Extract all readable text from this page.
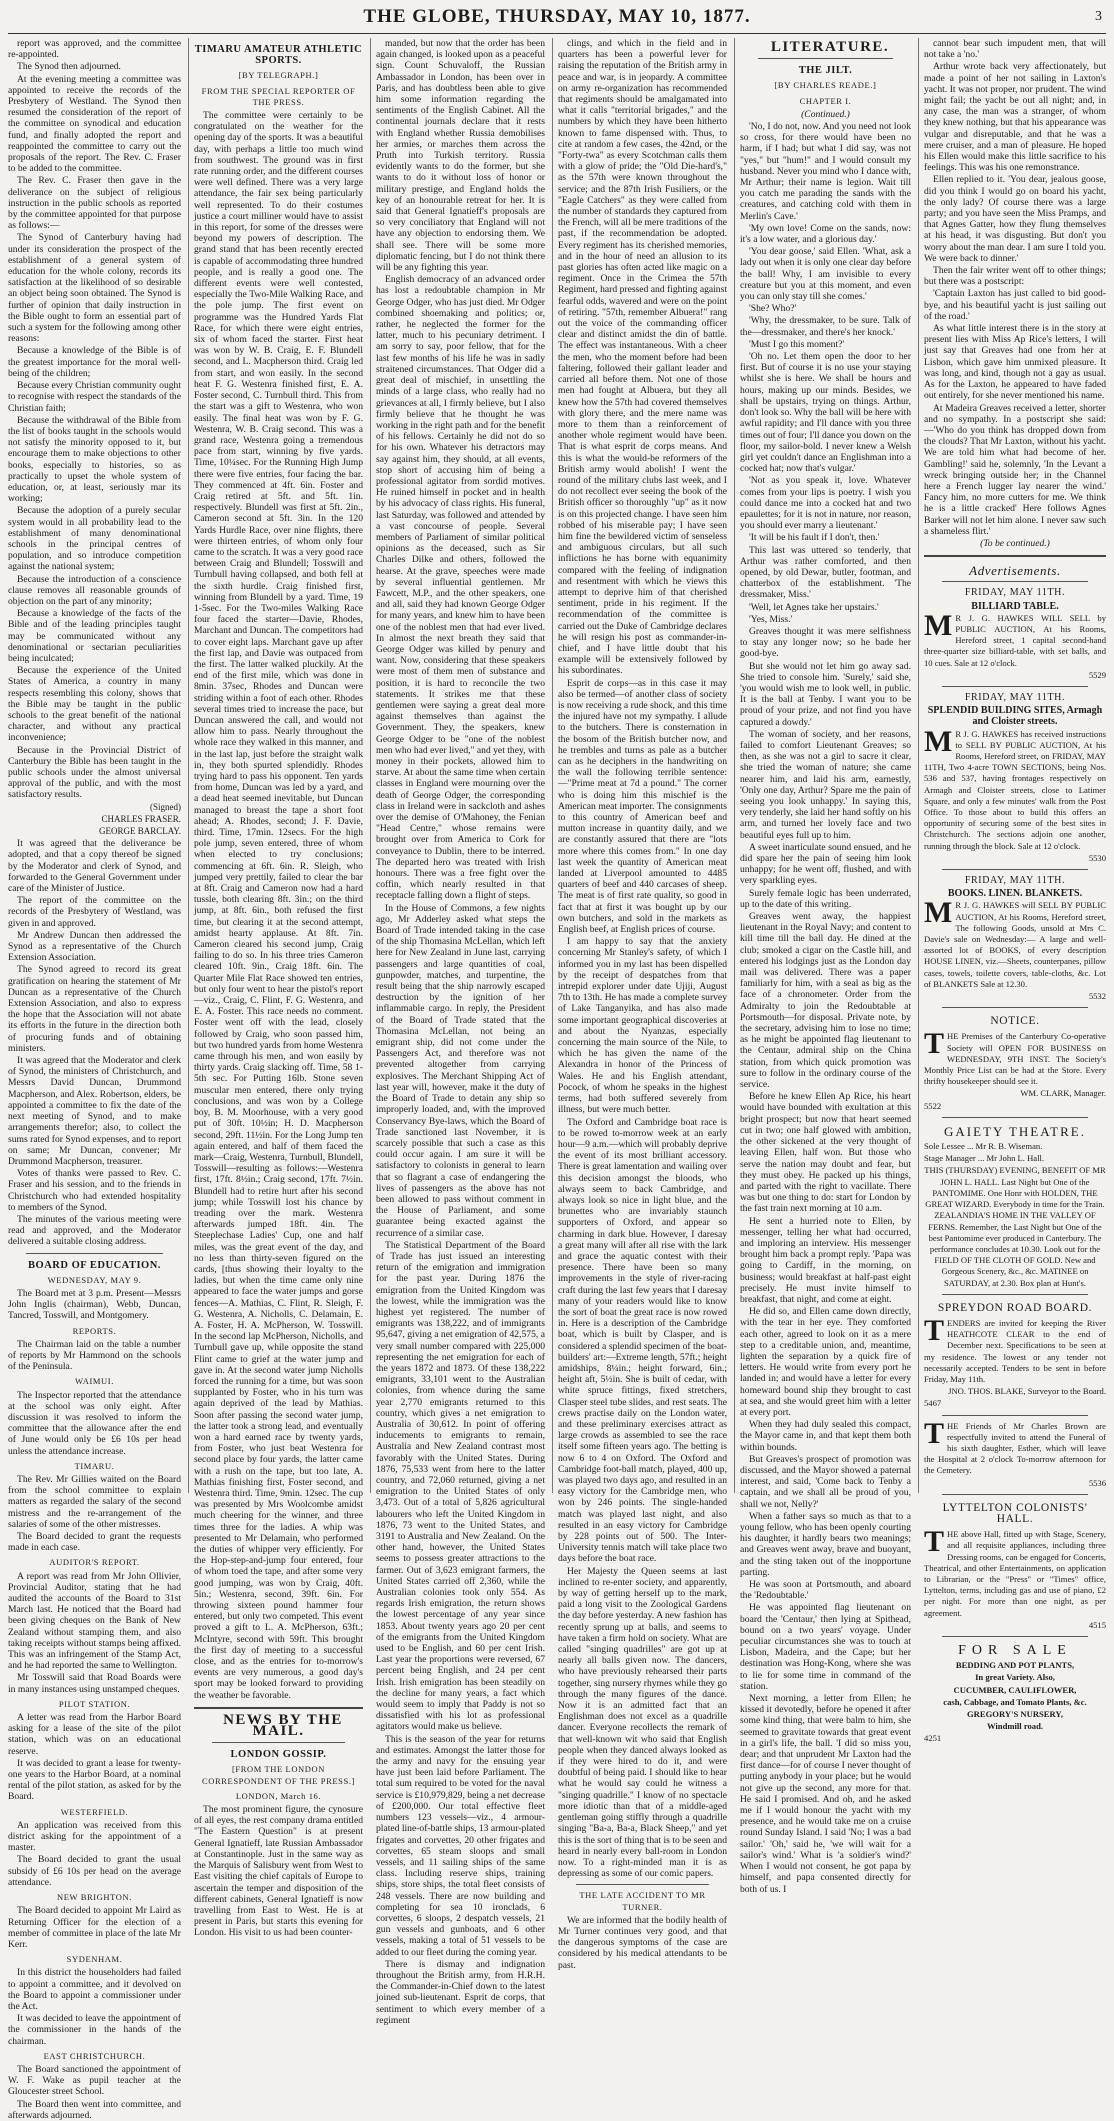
THE GLOBE, THURSDAY, MAY 10, 1877.	3

report was approved, and the committee re-appointed.

The Synod then adjourned.

At the evening meeting a committee was appointed to receive the records of the Presbytery of Westland. The Synod then resumed the consideration of the report of the committee on synodical and education fund, and finally adopted the report and reappointed the committee to carry out the proposals of the report. The Rev. C. Fraser to be added to the committee.

The Rev. C. Fraser then gave in the deliverance on the subject of religious instruction in the public schools as reported by the committee appointed for that purpose as follows:—

The Synod of Canterbury having had under its consideration the prospect of the establishment of a general system of education for the whole colony, records its satisfaction at the likelihood of so desirable an object being soon obtained. The Synod is further of opinion that daily instruction in the Bible ought to form an essential part of such a system for the following among other reasons:

Because a knowledge of the Bible is of the greatest importance for the moral well-being of the children;

Because every Christian community ought to recognise with respect the standards of the Christian faith;

Because the withdrawal of the Bible from the list of books taught in the schools would not satisfy the minority opposed to it, but encourage them to make objections to other books, especially to histories, so as practically to upset the whole system of education, or, at least, seriously mar its working;

Because the adoption of a purely secular system would in all probability lead to the establishment of many denominational schools in the principal centres of population, and so introduce competition against the national system;

Because the introduction of a conscience clause removes all reasonable grounds of objection on the part of any minority;

Because a knowledge of the facts of the Bible and of the leading principles taught may be communicated without any denominational or sectarian peculiarities being inculcated;

Because the experience of the United States of America, a country in many respects resembling this colony, shows that the Bible may be taught in the public schools to the great benefit of the national character, and without any practical inconvenience;

Because in the Provincial District of Canterbury the Bible has been taught in the public schools under the almost universal approval of the public, and with the most satisfactory results.

(Signed)

CHARLES FRASER.

GEORGE BARCLAY.

It was agreed that the deliverance be adopted, and that a copy thereof be signed by the Moderator and clerk of Synod, and forwarded to the General Government under care of the Minister of Justice.

The report of the committee on the records of the Presbytery of Westland, was given in and approved.

Mr Andrew Duncan then addressed the Synod as a representative of the Church Extension Association.

The Synod agreed to record its great gratification on hearing the statement of Mr Duncan as a representative of the Church Extension Association, and also to express the hope that the Association will not abate its efforts in the future in the direction both of procuring funds and of obtaining ministers.

It was agreed that the Moderator and clerk of Synod, the ministers of Christchurch, and Messrs David Duncan, Drummond Macpherson, and Alex. Robertson, elders, be appointed a committee to fix the date of the next meeting of Synod, and to make arrangements therefor; also, to collect the sums rated for Synod expenses, and to report on same; Mr Duncan, convener; Mr Drummond Macpherson, treasurer.

Votes of thanks were passed to Rev. C. Fraser and his session, and to the friends in Christchurch who had extended hospitality to members of the Synod.

The minutes of the various meeting were read and approved, and the Moderator delivered a suitable closing address.

BOARD OF EDUCATION.

WEDNESDAY, MAY 9.

The Board met at 3 p.m. Present—Messrs John Inglis (chairman), Webb, Duncan, Tancred, Tosswill, and Montgomery.

REPORTS.

The Chairman laid on the table a number of reports by Mr Hammond on the schools of the Peninsula.

WAIMUI.

The Inspector reported that the attendance at the school was only eight. After discussion it was resolved to inform the committee that the allowance after the end of June would only be £6 10s per head unless the attendance increase.

TIMARU.

The Rev. Mr Gillies waited on the Board from the school committee to explain matters as regarded the salary of the second mistress and the re-arrangement of the salaries of some of the other mistresses.

The Board decided to grant the requests made in each case.

AUDITOR'S REPORT.

A report was read from Mr John Ollivier, Provincial Auditor, stating that he had audited the accounts of the Board to 31st March last. He noticed that the Board had been giving cheques on the Bank of New Zealand without stamping them, and also taking receipts without stamps being affixed. This was an infringement of the Stamp Act, and he had reported the same to Wellington.

Mr Tosswill said that Road Boards were in many instances using unstamped cheques.

PILOT STATION.

A letter was read from the Harbor Board asking for a lease of the site of the pilot station, which was on an educational reserve.

It was decided to grant a lease for twenty-one years to the Harbor Board, at a nominal rental of the pilot station, as asked for by the Board.

WESTERFIELD.

An application was received from this district asking for the appointment of a master.

The Board decided to grant the usual subsidy of £6 10s per head on the average attendance.

NEW BRIGHTON.

The Board decided to appoint Mr Laird as Returning Officer for the election of a member of committee in place of the late Mr Kerr.

SYDENHAM.

In this district the householders had failed to appoint a committee, and it devolved on the Board to appoint a commissioner under the Act.

It was decided to leave the appointment of the commissioner in the hands of the chairman.

EAST CHRISTCHURCH.

The Board sanctioned the appointment of W. F. Wake as pupil teacher at the Gloucester street School.

The Board then went into committee, and afterwards adjourned.

TIMARU AMATEUR ATHLETIC SPORTS.

[BY TELEGRAPH.]

FROM THE SPECIAL REPORTER OF THE PRESS.

The committee were certainly to be congratulated on the weather for the opening day of the sports. It was a beautiful day, with perhaps a little too much wind from southwest. The ground was in first rate running order, and the different courses were well defined. There was a very large attendance, the fair sex being particularly well represented. To do their costumes justice a court milliner would have to assist in this report, for some of the dresses were beyond my powers of description. The grand stand that has been recently erected is capable of accommodating three hundred people, and is really a good one. The different events were well contested, especially the Two-Mile Walking Race, and the pole jump. The first event on programme was the Hundred Yards Flat Race, for which there were eight entries, six of whom faced the starter. First heat was won by W. B. Craig, E. F. Blundell second, and L. Macpherson third. Craig led from start, and won easily. In the second heat F. G. Westenra finished first, E. A. Foster second, C. Turnbull third. This from the start was a gift to Westenra, who won easily. The final heat was won by F. G. Westenra, W. B. Craig second. This was a grand race, Westenra going a tremendous pace from start, winning by five yards. Time, 10¼sec. For the Running High Jump there were five entries, four facing the bar. They commenced at 4ft. 6in. Foster and Craig retired at 5ft. and 5ft. 1in. respectively. Blundell was first at 5ft. 2in., Cameron second at 5ft. 3in. In the 120 Yards Hurdle Race, over nine flights, there were thirteen entries, of whom only four came to the scratch. It was a very good race between Craig and Blundell; Tosswill and Turnbull having collapsed, and both fell at the sixth hurdle. Craig finished first, winning from Blundell by a yard. Time, 19 1-5sec. For the Two-miles Walking Race four faced the starter—Davie, Rhodes, Marchant and Duncan. The competitors had to cover eight laps. Marchant gave up after the first lap, and Davie was outpaced from the first. The latter walked pluckily. At the end of the first mile, which was done in 8min. 37sec, Rhodes and Duncan were striding within a foot of each other. Rhodes several times tried to increase the pace, but Duncan answered the call, and would not allow him to pass. Nearly throughout the whole race they walked in this manner, and in the last lap, just before the straight walk in, they both spurted splendidly. Rhodes trying hard to pass his opponent. Ten yards from home, Duncan was led by a yard, and a dead heat seemed inevitable, but Duncan managed to breast the tape a short foot ahead; A. Rhodes, second; J. F. Davie, third. Time, 17min. 12secs. For the high pole jump, seven entered, three of whom when elected to try conclusions; commencing at 6ft. 6in. R. Sleigh, who jumped very prettily, failed to clear the bar at 8ft. Craig and Cameron now had a hard tussle, both clearing 8ft. 3in.; on the third jump, at 8ft. 6in., both refused the first time, but clearing it at the second attempt, amidst hearty applause. At 8ft. 7in. Cameron cleared his second jump, Craig failing to do so. In his three tries Cameron cleared 10ft. 9in., Craig 18ft. 6in. The Quarter Mile Flat Race showed ten entries, but only four went to hear the pistol's report—viz., Craig, C. Flint, F. G. Westenra, and E. A. Foster. This race needs no comment. Foster went off with the lead, closely followed by Craig, who soon passed him, but two hundred yards from home Westenra came through his men, and won easily by thirty yards. Craig slacking off. Time, 58 1-5th sec. For Putting 16lb. Stone seven muscular men entered, there only trying conclusions, and was won by a College boy, B. M. Moorhouse, with a very good put of 30ft. 10½in; H. D. Macpherson second, 29ft. 11½in. For the Long Jump ten again entered, and half of them faced the mark—Craig, Westenra, Turnbull, Blundell, Tosswill—resulting as follows:—Westenra first, 17ft. 8½in.; Craig second, 17ft. 7½in. Blundell had to retire hurt after his second jump; while Tosswill lost his chance by treading over the mark. Westenra afterwards jumped 18ft. 4in. The Steeplechase Ladies' Cup, one and half miles, was the great event of the day, and no less than thirty-seven figured on the cards, [thus showing their loyalty to the ladies, but when the time came only nine appeared to face the water jumps and gorse fences—A. Mathias, C. Flint, R. Sleigh, F. G. Westenra, A. Nicholls, C. Delamain, E. A. Foster, H. A. McPherson, W. Tosswill. In the second lap McPherson, Nicholls, and Turnbull gave up, while opposite the stand Flint came to grief at the water jump and gave in. At the second water jump Nicholls forced the running for a time, but was soon supplanted by Foster, who in his turn was again deprived of the lead by Mathias. Soon after passing the second water jump, the latter took a strong lead, and eventually won a hard earned race by twenty yards, from Foster, who just beat Westenra for second place by four yards, the latter came with a rush on the tape, but too late, A. Mathias finishing first, Foster second, and Westenra third. Time, 9min. 12sec. The cup was presented by Mrs Woolcombe amidst much cheering for the winner, and three times three for the ladies. A whip was presented to Mr Delamain, who performed the duties of whipper very efficiently. For the Hop-step-and-jump four entered, four of whom toed the tape, and after some very good jumping, was won by Craig, 40ft. 5in.; Westenra, second, 39ft. 6in. For throwing sixteen pound hammer four entered, but only two competed. This event proved a gift to L. A. McPherson, 63ft.; McIntyre, second with 59ft. This brought the first day of meeting to a successful close, and as the entries for to-morrow's events are very numerous, a good day's sport may be looked forward to providing the weather be favorable.

NEWS BY THE MAIL.

LONDON GOSSIP.

[FROM THE LONDON CORRESPONDENT OF THE PRESS.]

LONDON, March 16.

The most prominent figure, the cynosure of all eyes, the rest company drama entitled "The Eastern Question" is at present General Ignatieff, late Russian Ambassador at Constantinople. Just in the same way as the Marquis of Salisbury went from West to East visiting the chief capitals of Europe to ascertain the temper and disposition of the different cabinets, General Ignatieff is now travelling from East to West. He is at present in Paris, but starts this evening for London. His visit to us had been counter-

manded, but now that the order has been again changed, is looked upon as a peaceful sign. Count Schuvaloff, the Russian Ambassador in London, has been over in Paris, and has doubtless been able to give him some information regarding the sentiments of the English Cabinet. All the continental journals declare that it rests with England whether Russia demobilises her armies, or marches them across the Pruth into Turkish territory. Russia evidently wants to do the former, but she wants to do it without loss of honor or military prestige, and England holds the key of an honourable retreat for her. It is said that General Ignatieff's proposals are so very conciliatory that England will not have any objection to endorsing them. We shall see. There will be some more diplomatic fencing, but I do not think there will be any fighting this year.

English democracy of an advanced order has lost a redoubtable champion in Mr George Odger, who has just died. Mr Odger combined shoemaking and politics; or, rather, he neglected the former for the latter, much to his pecuniary detriment. I am sorry to say, poor fellow, that for the last few months of his life he was in sadly straitened circumstances. That Odger did a great deal of mischief, in unsettling the minds of a large class, who really had no grievances at all, I firmly believe, but I also firmly believe that he thought he was working in the right path and for the benefit of his fellows. Certainly he did not do so for his own. Whatever his detractors may say against him, they should, at all events, stop short of accusing him of being a professional agitator from sordid motives. He ruined himself in pocket and in health by his advocacy of class rights. His funeral, last Saturday, was followed and attended by a vast concourse of people. Several members of Parliament of similar political opinions as the deceased, such as Sir Charles Dilke and others, followed the hearse. At the grave, speeches were made by several influential gentlemen. Mr Fawcett, M.P., and the other speakers, one and all, said they had known George Odger for many years, and knew him to have been one of the noblest men that had ever lived. In almost the next breath they said that George Odger was killed by penury and want. Now, considering that these speakers were most of them men of substance and position, it is hard to reconcile the two statements. It strikes me that these gentlemen were saying a great deal more against themselves than against the Government. They, the speakers, knew George Odger to be "one of the noblest men who had ever lived," and yet they, with money in their pockets, allowed him to starve. At about the same time when certain classes in England were mourning over the death of George Odger, the corresponding class in Ireland were in sackcloth and ashes over the demise of O'Mahoney, the Fenian "Head Centre," whose remains were brought over from America to Cork for conveyance to Dublin, there to be interred. The departed hero was treated with Irish honours. There was a free fight over the coffin, which nearly resulted in that receptacle falling down a flight of steps.

In the House of Commons, a few nights ago, Mr Adderley asked what steps the Board of Trade intended taking in the case of the ship Thomasina McLellan, which left here for New Zealand in June last, carrying passengers and large quantities of coal, gunpowder, matches, and turpentine, the result being that the ship narrowly escaped destruction by the ignition of her inflammable cargo. In reply, the President of the Board of Trade stated that the Thomasina McLellan, not being an emigrant ship, did not come under the Passengers Act, and therefore was not prevented altogether from carrying explosives. The Merchant Shipping Act of last year will, however, make it the duty of the Board of Trade to detain any ship so improperly loaded, and, with the improved Conservancy Bye-laws, which the Board of Trade sanctioned last November, it is scarcely possible that such a case as this could occur again. I am sure it will be satisfactory to colonists in general to learn that so flagrant a case of endangering the lives of passengers as the above has not been allowed to pass without comment in the House of Parliament, and some guarantee being exacted against the recurrence of a similar case.

The Statistical Department of the Board of Trade has just issued an interesting return of the emigration and immigration for the past year. During 1876 the emigration from the United Kingdom was the lowest, while the immigration was the highest yet registered. The number of emigrants was 138,222, and of immigrants 95,647, giving a net emigration of 42,575, a very small number compared with 225,000 representing the net emigration for each of the years 1872 and 1873. Of these 138,222 emigrants, 33,101 went to the Australian colonies, from whence during the same year 2,770 emigrants returned to this country, which gives a net emigration to Australia of 30,612. In point of offering inducements to emigrants to remain, Australia and New Zealand contrast most favorably with the United States. During 1876, 75,533 went from here to the latter country, and 72,060 returned, giving a net emigration to the United States of only 3,473. Out of a total of 5,826 agricultural labourers who left the United Kingdom in 1876, 73 went to the United States, and 3191 to Australia and New Zealand. On the other hand, however, the United States seems to possess greater attractions to the farmer. Out of 3,623 emigrant farmers, the United States carried off 2,360, while the Australian colonies took only 554. As regards Irish emigration, the return shows the lowest percentage of any year since 1853. About twenty years ago 20 per cent of the emigrants from the United Kingdom used to be English, and 60 per cent Irish. Last year the proportions were reversed, 67 percent being English, and 24 per cent Irish. Irish emigration has been steadily on the decline for many years, a fact which would seem to imply that Paddy is not so dissatisfied with his lot as professional agitators would make us believe.

This is the season of the year for returns and estimates. Amongst the latter those for the army and navy for the ensuing year have just been laid before Parliament. The total sum required to be voted for the naval service is £10,979,829, being a net decrease of £200,000. Our total effective fleet numbers 123 vessels—viz., 4 armour-plated line-of-battle ships, 13 armour-plated frigates and corvettes, 20 other frigates and corvettes, 65 steam sloops and small vessels, and 11 sailing ships of the same class. Including reserve ships, training ships, store ships, the total fleet consists of 248 vessels. There are now building and completing for sea 10 ironclads, 6 corvettes, 6 sloops, 2 despatch vessels, 21 gun vessels and gunboats, and 6 other vessels, making a total of 51 vessels to be added to our fleet during the coming year.

There is dismay and indignation throughout the British army, from H.R.H. the Commander-in-Chief down to the latest joined sub-lieutenant. Esprit de corps, that sentiment to which every member of a regiment

clings, and which in the field and in quarters has been a powerful lever for raising the reputation of the British army in peace and war, is in jeopardy. A committee on army re-organization has recommended that regiments should be amalgamated into what it calls "territorial brigades," and the numbers by which they have been hitherto known to fame dispensed with. Thus, to cite at random a few cases, the 42nd, or the "Forty-twa" as every Scotchman calls them with a glow of pride; the "Old Die-hard's," as the 57th were known throughout the service; and the 87th Irish Fusiliers, or the "Eagle Catchers" as they were called from the number of standards they captured from the French, will all be mere traditions of the past, if the recommendation be adopted. Every regiment has its cherished memories, and in the hour of need an allusion to its past glories has often acted like magic on a regiment. Once in the Crimea the 57th Regiment, hard pressed and fighting against fearful odds, wavered and were on the point of retiring. "57th, remember Albuera!" rang out the voice of the commanding officer clear and distinct amidst the din of battle. The effect was instantaneous. With a cheer the men, who the moment before had been faltering, followed their gallant leader and carried all before them. Not one of those men had fought at Albuera, but they all knew how the 57th had covered themselves with glory there, and the mere name was more to them than a reinforcement of another whole regiment would have been. That is what esprit de corps means. And this is what the would-be reformers of the British army would abolish! I went the round of the military clubs last week, and I do not recollect ever seeing the book of the British officer so thoroughly "up" as it now is on this projected change. I have seen him robbed of his miserable pay; I have seen him fine the bewildered victim of senseless and ambiguous circulars, but all such inflictions he has borne with equanimity compared with the feeling of indignation and resentment with which he views this attempt to deprive him of that cherished sentiment, pride in his regiment. If the recommendation of the committee is carried out the Duke of Cambridge declares he will resign his post as commander-in-chief, and I have little doubt that his example will be extensively followed by his subordinates.

Esprit de corps—as in this case it may also be termed—of another class of society is now receiving a rude shock, and this time the injured have not my sympathy. I allude to the butchers. There is consternation in the bosom of the British butcher now, and he trembles and turns as pale as a butcher can as he deciphers in the handwriting on the wall the following terrible sentence:—"Prime meat at 7d a pound." The corner who is doing him this mischief is the American meat importer. The consignments to this country of American beef and mutton increase in quantity daily, and we are constantly assured that there are "lots more where this comes from." In one day last week the quantity of American meat landed at Liverpool amounted to 4485 quarters of beef and 440 carcases of sheep. The meat is of first rate quality, so good in fact that at first it was bought up by our own butchers, and sold in the markets as English beef, at English prices of course.

I am happy to say that the anxiety concerning Mr Stanley's safety, of which I informed you in my last has been dispelled by the receipt of despatches from that intrepid explorer under date Ujiji, August 7th to 13th. He has made a complete survey of Lake Tanganyika, and has also made some important geographical discoveries at and about the Nyanzas, especially concerning the main source of the Nile, to which he has given the name of the Alexandra in honor of the Princess of Wales. He and his English attendant, Pocock, of whom he speaks in the highest terms, had both suffered severely from illness, but were much better.

The Oxford and Cambridge boat race is to be rowed to-morrow week at an early hour—9 a.m.—which will probably deprive the event of its most brilliant accessory. There is great lamentation and wailing over this decision amongst the bloods, who always seem to back Cambridge, and always look so nice in light blue, and the brunettes who are invariably staunch supporters of Oxford, and appear so charming in dark blue. However, I daresay a great many will after all rise with the lark and grace the aquatic contest with their presence. There have been so many improvements in the style of river-racing craft during the last few years that I daresay many of your readers would like to know the sort of boat the great race is now rowed in. Here is a description of the Cambridge boat, which is built by Clasper, and is considered a splendid specimen of the boat-builders' art:—Extreme length, 57ft.; height amidships, 8¼in.; height forward, 6in.; height aft, 5½in. She is built of cedar, with white spruce fittings, fixed stretchers, Clasper steel tube slides, and rest seats. The crews practise daily on the London water, and these preliminary exercises attract as large crowds as assembled to see the race itself some fifteen years ago. The betting is now 6 to 4 on Oxford. The Oxford and Cambridge foot-ball match, played, 400 up, was played two days ago, and resulted in an easy victory for the Cambridge men, who won by 246 points. The single-handed match was played last night, and also resulted in an easy victory for Cambridge by 228 points out of 500. The Inter-University tennis match will take place two days before the boat race.

Her Majesty the Queen seems at last inclined to re-enter society, and apparently, by way of getting herself up to the mark, paid a long visit to the Zoological Gardens the day before yesterday. A new fashion has recently sprung up at balls, and seems to have taken a firm hold on society. What are called "singing quadrilles" are got up at nearly all balls given now. The dancers, who have previously rehearsed their parts together, sing nursery rhymes while they go through the many figures of the dance. Now it is an admitted fact that an Englishman does not excel as a quadrille dancer. Everyone recollects the remark of that well-known wit who said that English people when they danced always looked as if they were hired to do it, and were doubtful of being paid. I should like to hear what he would say could he witness a "singing quadrille." I know of no spectacle more idiotic than that of a middle-aged gentleman going stiffly through a quadrille singing "Ba-a, Ba-a, Black Sheep," and yet this is the sort of thing that is to be seen and heard in nearly every ball-room in London now. To a right-minded man it is as depressing as some of our comic papers.

THE LATE ACCIDENT TO MR TURNER.

We are informed that the bodily health of Mr Turner continues very good, and that the dangerous symptoms of the case are considered by his medical attendants to be past.

LITERATURE.

THE JILT.

[BY CHARLES READE.]

CHAPTER I.

(Continued.)

'No, I do not, now. And you need not look so cross, for there would have been no harm, if I had; but what I did say, was not "yes," but "hum!" and I would consult my husband. Never you mind who I dance with, Mr Arthur; their name is legion. Wait till you catch me parading the sands with the creatures, and catching cold with them in Merlin's Cave.'

'My own love! Come on the sands, now: it's a low water, and a glorious day.'

'You dear goose,' said Ellen. 'What, ask a lady out when it is only one clear day before the ball! Why, I am invisible to every creature but you at this moment, and even you can only stay till she comes.'

'She? Who?'

'Why, the dressmaker, to be sure. Talk of the—dressmaker, and there's her knock.'

'Must I go this moment?'

'Oh no. Let them open the door to her first. But of course it is no use your staying whilst she is here. We shall be hours and hours, making up our minds. Besides, we shall be upstairs, trying on things. Arthur, don't look so. Why the ball will be here with awful rapidity; and I'll dance with you three times out of four; I'll dance you down on the floor, my sailor-bold. I never knew a Welsh girl yet couldn't dance an Englishman into a cocked hat; now that's vulgar.'

'Not as you speak it, love. Whatever comes from your lips is poetry. I wish you could dance me into a cocked hat and two epaulettes; for it is not in nature, nor reason, you should ever marry a lieutenant.'

'It will be his fault if I don't, then.'

This last was uttered so tenderly, that Arthur was rather comforted, and then opened, by old Dewar, butler, footman, and chatterbox of the establishment. 'The dressmaker, Miss.'

'Well, let Agnes take her upstairs.'

'Yes, Miss.'

Greaves thought it was mere selfishness to stay any longer now; so he bade her good-bye.

But she would not let him go away sad. She tried to console him. 'Surely,' said she, 'you would wish me to look well, in public. It is the ball at Tenby. I want you to be proud of your prize, and not find you have captured a dowdy.'

The woman of society, and her reasons, failed to comfort Lieutenant Greaves; so then, as she was not a girl to sacre it clear, she tried the woman of nature; she came nearer him, and laid his arm, earnestly, 'Only one day, Arthur? Spare me the pain of seeing you look unhappy.' In saying this, very tenderly, she laid her hand softly on his arm, and turned her lovely face and two beautiful eyes full up to him.

A sweet inarticulate sound ensued, and he did spare her the pain of seeing him look unhappy; for he went off, flushed, and with very sparkling eyes.

Surely female logic has been underrated, up to the date of this writing.

Greaves went away, the happiest lieutenant in the Royal Navy; and content to kill time till the ball day. He dined at the club; smoked a cigar on the Castle hill, and entered his lodgings just as the London day mail was delivered. There was a paper familiarly for him, with a seal as big as the face of a chronometer. Order from the Admiralty to join the Redoubtable at Portsmouth—for disposal. Private note, by the secretary, advising him to lose no time; as he might be appointed flag lieutenant to the Centaur, admiral ship on the China station, from which quick promotion was sure to follow in the ordinary course of the service.

Before he knew Ellen Ap Rice, his heart would have bounded with exultation at this bright prospect; but now that heart seemed cut in two; one half glowed with ambition, the other sickened at the very thought of leaving Ellen, half won. But those who serve the nation may doubt and fear, but they must obey. He packed up his things, and parted with the right to vacillate. There was but one thing to do: start for London by the fast train next morning at 10 a.m.

He sent a hurried note to Ellen, by messenger, telling her what had occurred, and imploring an interview. His messenger brought him back a prompt reply. 'Papa was going to Cardiff, in the morning, on business; would breakfast at half-past eight precisely. He must invite himself to breakfast, that night, and come at eight.

He did so, and Ellen came down directly, with the tear in her eye. They comforted each other, agreed to look on it as a mere step to a creditable union, and, meantime, lighten the separation by a quick fire of letters. He would write from every port he landed in; and would have a letter for every homeward bound ship they brought to cast at sea, and she would greet him with a letter at every port.

When they had duly sealed this compact, the Mayor came in, and that kept them both within bounds.

But Greaves's prospect of promotion was discussed, and the Mayor showed a paternal interest, and said, 'Come back to Tenby a captain, and we shall all be proud of you, shall we not, Nelly?'

When a father says so much as that to a young fellow, who has been openly courting his daughter, it hardly bears two meanings; and Greaves went away, brave and buoyant, and the sting taken out of the inopportune parting.

He was soon at Portsmouth, and aboard the 'Redoubtable.'

He was appointed flag lieutenant on board the 'Centaur,' then lying at Spithead, bound on a two years' voyage. Under peculiar circumstances she was to touch at Lisbon, Madeira, and the Cape; but her destination was Hong-Kong, where she was to lie for some time in command of the station.

Next morning, a letter from Ellen; he kissed it devotedly, before he opened it after some kind thing, that were balm to him, she seemed to gravitate towards that great event in a girl's life, the ball. 'I did so miss you, dear; and that unprudent Mr Laxton had the first dance—for of course I never thought of putting anybody in your place; but he would not give up the second, any more for that. He said I promised. And oh, and he asked me if I would honour the yacht with my presence, and he would take me on a cruise round Sunday Island. I said 'No; I was a bad sailor.' 'Oh,' said he, 'we will wait for a sailor's wind.' What is 'a soldier's wind?' When I would not consent, he got papa by himself, and papa consented directly for both of us. I

cannot bear such impudent men, that will not take a 'no.'

Arthur wrote back very affectionately, but made a point of her not sailing in Laxton's yacht. It was not proper, nor prudent. The wind might fail; the yacht be out all night; and, in any case, the man was a stranger, of whom they knew nothing, but that his appearance was vulgar and disreputable, and that he was a mere cruiser, and a man of pleasure. He hoped his Ellen would make this little sacrifice to his feelings. This was his one remonstrance.

Ellen replied to it. 'You dear, jealous goose, did you think I would go on board his yacht, the only lady? Of course there was a large party; and you have seen the Miss Pramps, and that Agnes Gatter, how they flung themselves at his head, it was disgusting. But don't you worry about the man dear. I am sure I told you. We were back to dinner.'

Then the fair writer went off to other things; but there was a postscript:

'Captain Laxton has just called to bid good-bye, and his beautiful yacht is just sailing out of the road.'

As what little interest there is in the story at present lies with Miss Ap Rice's letters, I will just say that Greaves had one from her at Lisbon, which gave him unmixed pleasure. It was long, and kind, though not a gay as usual. As for the Laxton, he appeared to have faded out entirely, for she never mentioned his name.

At Madeira Greaves received a letter, shorter and no sympathy. In a postscript she said:—'Who do you think has dropped down from the clouds? That Mr Laxton, without his yacht. We are told him what had become of her. Gambling!' said he, solemnly, 'In the Levant a wreck bringing outside her; in the Channel here a French lugger lay nearer the wind.' Fancy him, no more cutters for me. We think he is a little cracked' Here follows Agnes Barker will not let him alone. I never saw such a shameless flirt.'

(To be continued.)

Advertisements.

FRIDAY, MAY 11TH.

BILLIARD TABLE.

M R J. G. HAWKES WILL SELL by PUBLIC AUCTION, At his Rooms, Hereford street, 1 capital second-hand three-quarter size billiard-table, with set balls, and 10 cues. Sale at 12 o'clock.

5529

FRIDAY, MAY 11TH.

SPLENDID BUILDING SITES, Armagh and Cloister streets.

M R J. G. HAWKES has received instructions to SELL BY PUBLIC AUCTION, At his Rooms, Hereford street, on FRIDAY, MAY 11TH, Two 4-acre TOWN SECTIONS, being Nos. 536 and 537, having frontages respectively on Armagh and Cloister streets, close to Latimer Square, and only a few minutes' walk from the Post Office. To those about to build this offers an opportunity of securing some of the best sites in Christchurch. The sections adjoin one another, running through the block. Sale at 12 o'clock.

5530

FRIDAY, MAY 11TH.

BOOKS. LINEN. BLANKETS.

M R J. G. HAWKES will SELL BY PUBLIC AUCTION, At his Rooms, Hereford street, The following Goods, unsold at Mrs C. Davie's sale on Wednesday:— A large and well-assorted lot of BOOKS, of every description HOUSE LINEN, viz.—Sheets, counterpanes, pillow cases, towels, toilette covers, table-cloths, &c. Lot of BLANKETS Sale at 12.30.

5532

NOTICE.

THE Premises of the Canterbury Co-operative Society will OPEN FOR BUSINESS on WEDNESDAY, 9TH INST. The Society's Monthly Price List can be had at the Store. Every thrifty housekeeper should see it.

WM. CLARK, Manager.

5522

GAIETY THEATRE.

Sole Lessee ... Mr R. B. Wiseman.

Stage Manager ... Mr John L. Hall.

THIS (THURSDAY) EVENING, BENEFIT OF MR JOHN L. HALL. Last Night but One of the PANTOMIME. One Honr with HOLDEN, THE GREAT WIZARD. Everybody in time for the Train. ZEALANDIA'S HOME IN THE VALLEY OF FERNS. Remember, the Last Night but One of the best Pantomime ever produced in Canterbury. The performance concludes at 10.30. Look out for the FIELD OF THE CLOTH OF GOLD. New and Gorgeous Scenery, &c., &c. MATINEE on SATURDAY, at 2.30. Box plan at Hunt's.

SPREYDON ROAD BOARD.

TENDERS are invited for keeping the River HEATHCOTE CLEAR to the end of December next. Specifications to be seen at my residence. The lowest or any tender not necessarily accepted. Tenders to be sent in before Friday, May 11th.

JNO. THOS. BLAKE, Surveyor to the Board.

5467

THE Friends of Mr Charles Brown are respectfully invited to attend the Funeral of his sixth daughter, Esther, which will leave the Hospital at 2 o'clock To-morrow afternoon for the Cemetery.

5536

LYTTELTON COLONISTS' HALL.

THE above Hall, fitted up with Stage, Scenery, and all requisite appliances, including three Dressing rooms, can be engaged for Concerts, Theatrical, and other Entertainments, on application to Librarian, or the "Press" or "Times" office, Lyttelton, terms, including gas and use of piano, £2 per night. For more than one night, as per agreement.

4515

FOR SALE

BEDDING AND POT PLANTS,

In great Variety. Also,

CUCUMBER, CAULIFLOWER,

cash, Cabbage, and Tomato Plants, &c.

GREGORY'S NURSERY,

Windmill road.

4251
